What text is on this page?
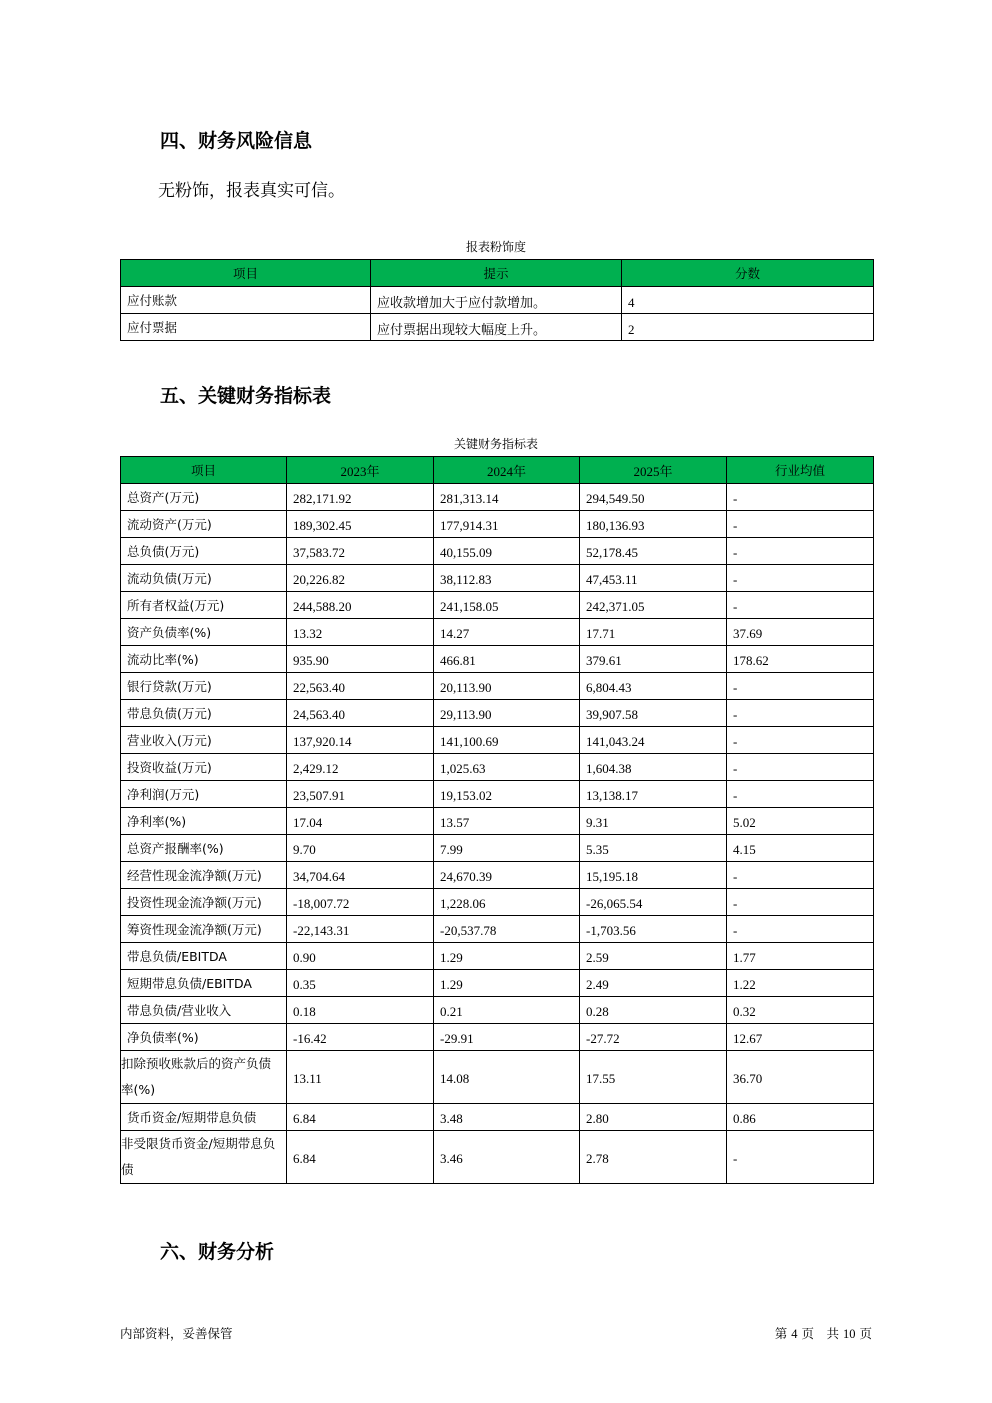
四、财务风险信息

无粉饰，报表真实可信。

报表粉饰度
项目	提示	分数
应付账款	应收款增加大于应付款增加。	4
应付票据	应付票据出现较大幅度上升。	2
五、关键财务指标表
关键财务指标表
项目	2023年	2024年	2025年	行业均值
总资产(万元)	282,171.92	281,313.14	294,549.50	-
流动资产(万元)	189,302.45	177,914.31	180,136.93	-
总负债(万元)	37,583.72	40,155.09	52,178.45	-
流动负债(万元)	20,226.82	38,112.83	47,453.11	-
所有者权益(万元)	244,588.20	241,158.05	242,371.05	-
资产负债率(%)	13.32	14.27	17.71	37.69
流动比率(%)	935.90	466.81	379.61	178.62
银行贷款(万元)	22,563.40	20,113.90	6,804.43	-
带息负债(万元)	24,563.40	29,113.90	39,907.58	-
营业收入(万元)	137,920.14	141,100.69	141,043.24	-
投资收益(万元)	2,429.12	1,025.63	1,604.38	-
净利润(万元)	23,507.91	19,153.02	13,138.17	-
净利率(%)	17.04	13.57	9.31	5.02
总资产报酬率(%)	9.70	7.99	5.35	4.15
经营性现金流净额(万元)	34,704.64	24,670.39	15,195.18	-
投资性现金流净额(万元)	-18,007.72	1,228.06	-26,065.54	-
筹资性现金流净额(万元)	-22,143.31	-20,537.78	-1,703.56	-
带息负债/EBITDA	0.90	1.29	2.59	1.77
短期带息负债/EBITDA	0.35	1.29	2.49	1.22
带息负债/营业收入	0.18	0.21	0.28	0.32
净负债率(%)	-16.42	-29.91	-27.72	12.67
扣除预收账款后的资产负债率(%)	13.11	14.08	17.55	36.70
货币资金/短期带息负债	6.84	3.48	2.80	0.86
非受限货币资金/短期带息负债	6.84	3.46	2.78	-
六、财务分析
内部资料，妥善保管	第 4 页　共 10 页
